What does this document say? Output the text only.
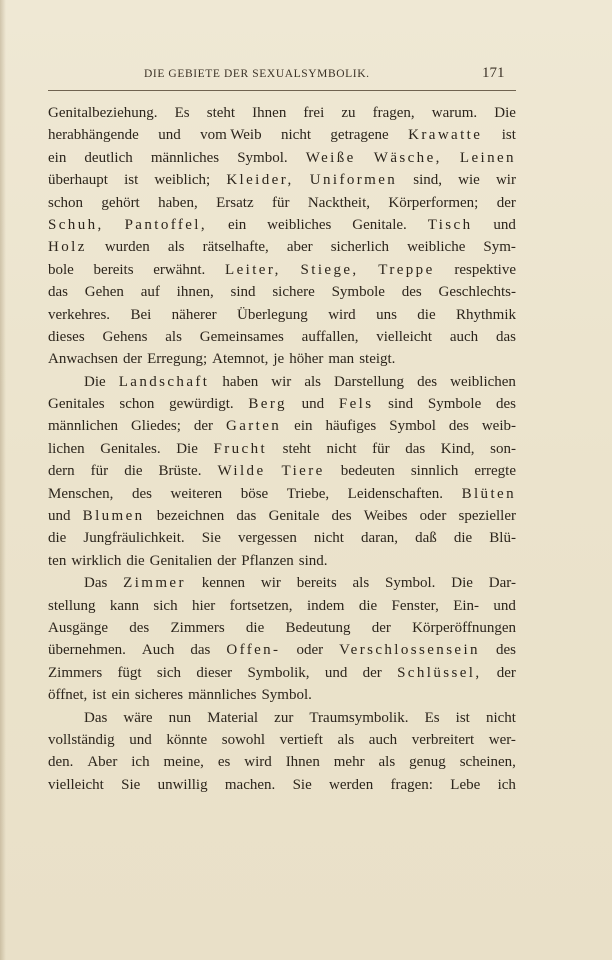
DIE GEBIETE DER SEXUALSYMBOLIK.	171
Genitalbeziehung. Es steht Ihnen frei zu fragen, warum. Die
herabhängende und vom Weib nicht getragene Krawatte ist
ein deutlich männliches Symbol. Weiße Wäsche, Leinen
überhaupt ist weiblich; Kleider, Uniformen sind, wie wir
schon gehört haben, Ersatz für Nacktheit, Körperformen; der
Schuh, Pantoffel, ein weibliches Genitale. Tisch und
Holz wurden als rätselhafte, aber sicherlich weibliche Sym-
bole bereits erwähnt. Leiter, Stiege, Treppe respektive
das Gehen auf ihnen, sind sichere Symbole des Geschlechts-
verkehres. Bei näherer Überlegung wird uns die Rhythmik
dieses Gehens als Gemeinsames auffallen, vielleicht auch das
Anwachsen der Erregung; Atemnot, je höher man steigt.
Die Landschaft haben wir als Darstellung des weiblichen
Genitales schon gewürdigt. Berg und Fels sind Symbole des
männlichen Gliedes; der Garten ein häufiges Symbol des weib-
lichen Genitales. Die Frucht steht nicht für das Kind, son-
dern für die Brüste. Wilde Tiere bedeuten sinnlich erregte
Menschen, des weiteren böse Triebe, Leidenschaften. Blüten
und Blumen bezeichnen das Genitale des Weibes oder spezieller
die Jungfräulichkeit. Sie vergessen nicht daran, daß die Blü-
ten wirklich die Genitalien der Pflanzen sind.
Das Zimmer kennen wir bereits als Symbol. Die Dar-
stellung kann sich hier fortsetzen, indem die Fenster, Ein- und
Ausgänge des Zimmers die Bedeutung der Körperöffnungen
übernehmen. Auch das Offen- oder Verschlossensein des
Zimmers fügt sich dieser Symbolik, und der Schlüssel, der
öffnet, ist ein sicheres männliches Symbol.
Das wäre nun Material zur Traumsymbolik. Es ist nicht
vollständig und könnte sowohl vertieft als auch verbreitert wer-
den. Aber ich meine, es wird Ihnen mehr als genug scheinen,
vielleicht Sie unwillig machen. Sie werden fragen: Lebe ich
